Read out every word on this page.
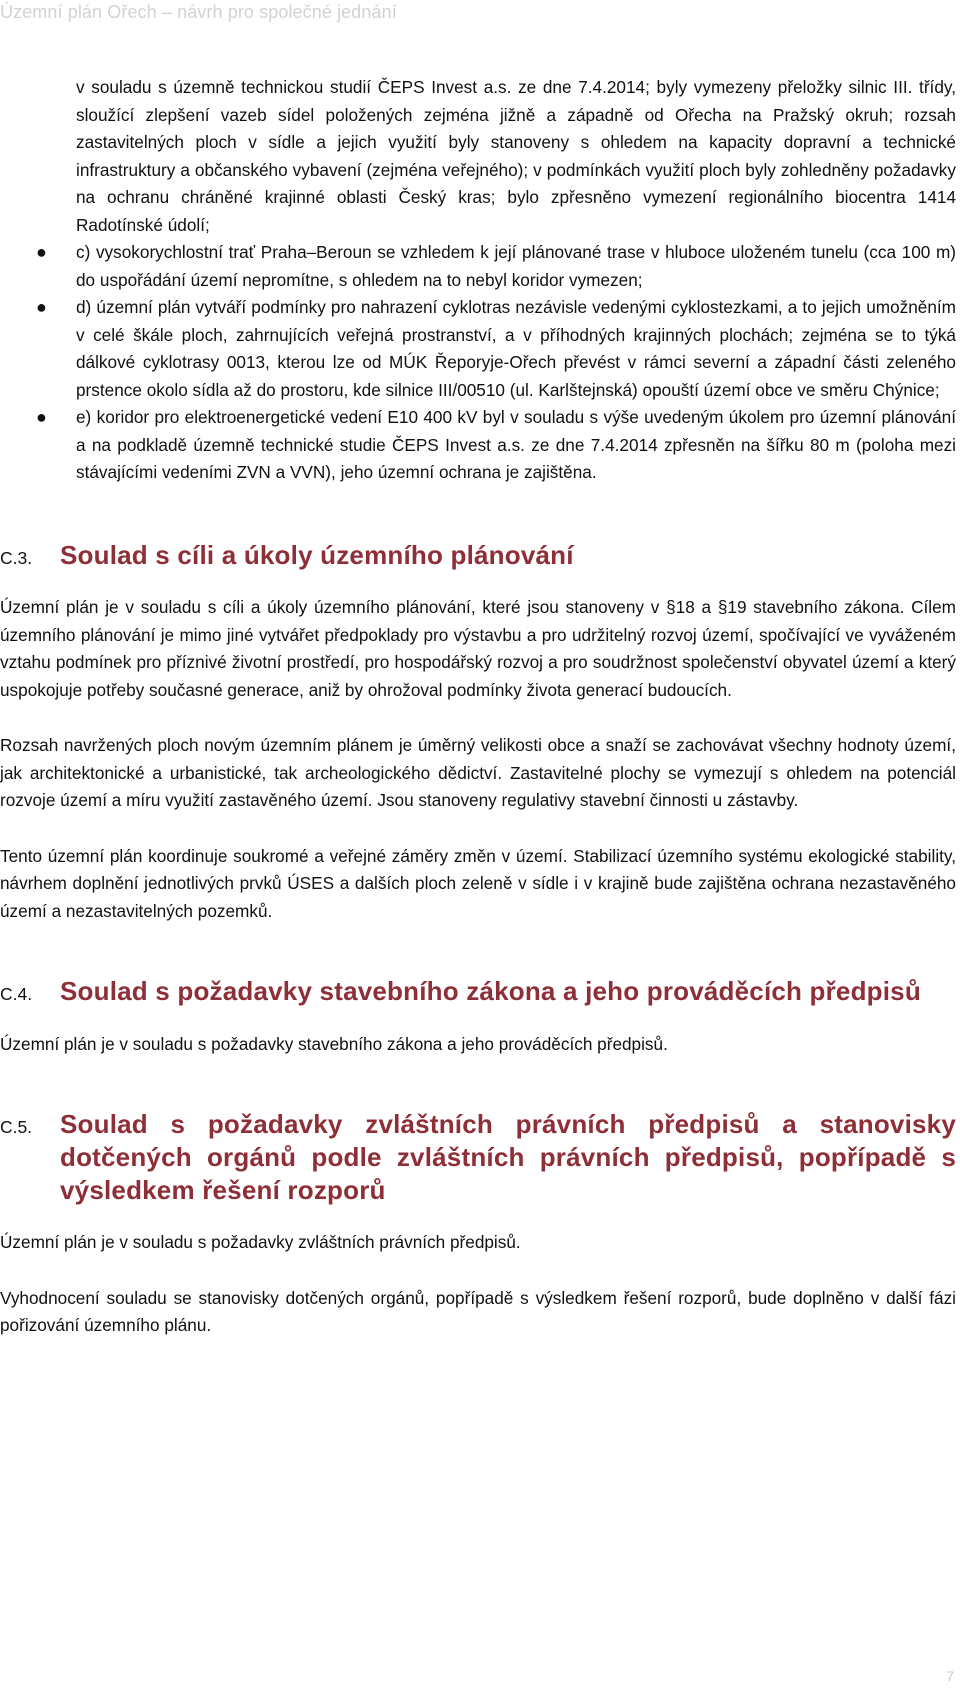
Územní plán Ořech – návrh pro společné jednání

v souladu s územně technickou studií ČEPS Invest a.s. ze dne 7.4.2014; byly vymezeny přeložky silnic III. třídy, sloužící zlepšení vazeb sídel položených zejména jižně a západně od Ořecha na Pražský okruh; rozsah zastavitelných ploch v sídle a jejich využití byly stanoveny s ohledem na kapacity dopravní a technické infrastruktury a občanského vybavení (zejména veřejného); v podmínkách využití ploch byly zohledněny požadavky na ochranu chráněné krajinné oblasti Český kras; bylo zpřesněno vymezení regionálního biocentra 1414 Radotínské údolí;

● c) vysokorychlostní trať Praha–Beroun se vzhledem k její plánované trase v hluboce uloženém tunelu (cca 100 m) do uspořádání území nepromítne, s ohledem na to nebyl koridor vymezen;
● d) územní plán vytváří podmínky pro nahrazení cyklotras nezávisle vedenými cyklostezkami, a to jejich umožněním v celé škále ploch, zahrnujících veřejná prostranství, a v příhodných krajinných plochách; zejména se to týká dálkové cyklotrasy 0013, kterou lze od MÚK Řeporyje-Ořech převést v rámci severní a západní části zeleného prstence okolo sídla až do prostoru, kde silnice III/00510 (ul. Karlštejnská) opouští území obce ve směru Chýnice;
● e) koridor pro elektroenergetické vedení E10 400 kV byl v souladu s výše uvedeným úkolem pro územní plánování a na podkladě územně technické studie ČEPS Invest a.s. ze dne 7.4.2014 zpřesněn na šířku 80 m (poloha mezi stávajícími vedeními ZVN a VVN), jeho územní ochrana je zajištěna.
C.3.	Soulad s cíli a úkoly územního plánování

Územní plán je v souladu s cíli a úkoly územního plánování, které jsou stanoveny v §18 a §19 stavebního zákona. Cílem územního plánování je mimo jiné vytvářet předpoklady pro výstavbu a pro udržitelný rozvoj území, spočívající ve vyváženém vztahu podmínek pro příznivé životní prostředí, pro hospodářský rozvoj a pro soudržnost společenství obyvatel území a který uspokojuje potřeby současné generace, aniž by ohrožoval podmínky života generací budoucích.

Rozsah navržených ploch novým územním plánem je úměrný velikosti obce a snaží se zachovávat všechny hodnoty území, jak architektonické a urbanistické, tak archeologického dědictví. Zastavitelné plochy se vymezují s ohledem na potenciál rozvoje území a míru využití zastavěného území. Jsou stanoveny regulativy stavební činnosti u zástavby.

Tento územní plán koordinuje soukromé a veřejné záměry změn v území. Stabilizací územního systému ekologické stability, návrhem doplnění jednotlivých prvků ÚSES a dalších ploch zeleně v sídle i v krajině bude zajištěna ochrana nezastavěného území a nezastavitelných pozemků.

C.4.	Soulad s požadavky stavebního zákona a jeho prováděcích předpisů

Územní plán je v souladu s požadavky stavebního zákona a jeho prováděcích předpisů.

C.5.	Soulad s požadavky zvláštních právních předpisů a stanovisky dotčených orgánů podle zvláštních právních předpisů, popřípadě s výsledkem řešení rozporů

Územní plán je v souladu s požadavky zvláštních právních předpisů.

Vyhodnocení souladu se stanovisky dotčených orgánů, popřípadě s výsledkem řešení rozporů, bude doplněno v další fázi pořizování územního plánu.

7
